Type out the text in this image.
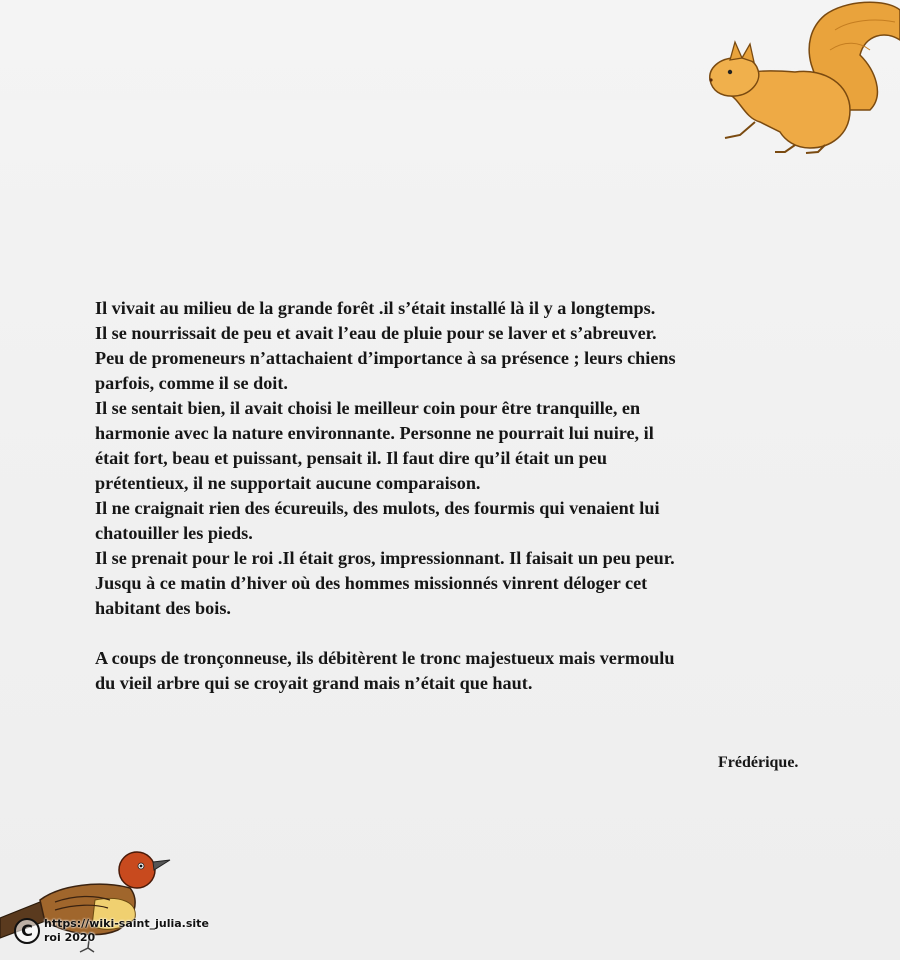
Il vivait au milieu de la grande forêt .il s’était installé là il y a longtemps.
Il se nourrissait de peu et avait l’eau de pluie pour se laver et s’abreuver.
Peu de promeneurs n’attachaient d’importance à sa présence ; leurs chiens
parfois, comme il se doit.
Il se sentait bien, il avait choisi le meilleur coin pour être tranquille, en
harmonie avec la nature environnante. Personne ne pourrait lui nuire, il
était fort, beau et puissant, pensait il. Il faut dire qu’il était un peu
prétentieux, il ne supportait aucune comparaison.
Il ne craignait rien des écureuils, des mulots, des fourmis qui venaient lui
chatouiller les pieds.
Il se prenait pour le roi .Il était gros, impressionnant. Il faisait un peu peur.
Jusqu à ce matin d’hiver où des hommes missionnés vinrent déloger cet
habitant des bois.
A coups de tronçonneuse, ils débitèrent le tronc majestueux mais vermoulu
du vieil arbre qui se croyait grand mais n’était que haut.
Frédérique.
C	https://wiki-saint_julia.site
roi 2020
